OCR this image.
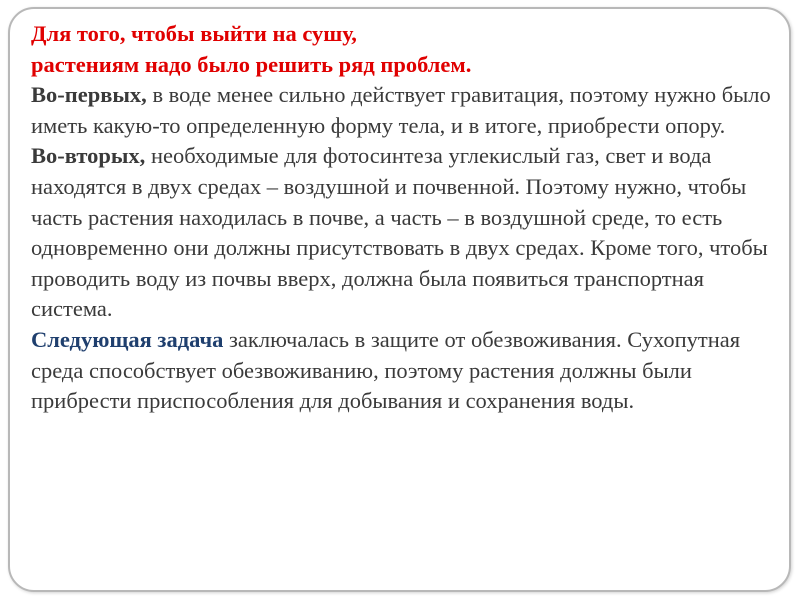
Для того, чтобы выйти на сушу,
растениям надо было решить ряд проблем.

Во-первых, в воде менее сильно действует гравитация, поэтому нужно было иметь какую-то определенную форму тела, и в итоге, приобрести опору.

Во-вторых, необходимые для фотосинтеза углекислый газ, свет и вода находятся в двух средах – воздушной и почвенной. Поэтому нужно, чтобы часть растения находилась в почве, а часть – в воздушной среде, то есть одновременно они должны присутствовать в двух средах. Кроме того, чтобы проводить воду из почвы вверх, должна была появиться транспортная система.

Следующая задача заключалась в защите от обезвоживания. Сухопутная среда способствует обезвоживанию, поэтому растения должны были прибрести приспособления для добывания и сохранения воды.
